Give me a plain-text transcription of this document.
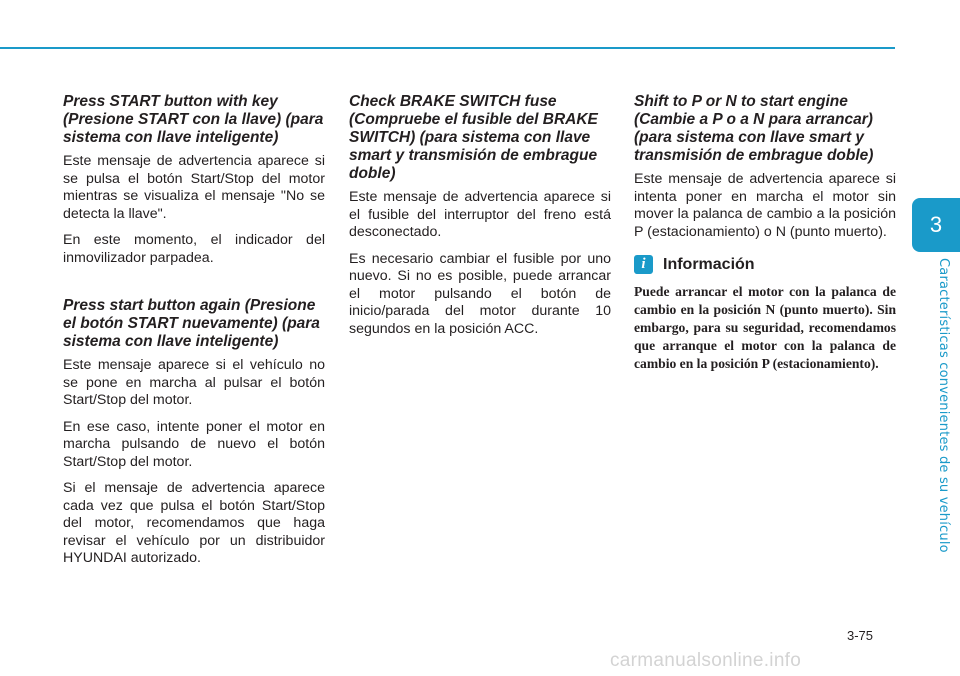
3
Características convenientes de su vehículo
Press START button with key (Presione START con la llave) (para sistema con llave inteligente)

Este mensaje de advertencia aparece si se pulsa el botón Start/Stop del motor mientras se visualiza el mensaje "No se detecta la llave".

En este momento, el indicador del inmovilizador parpadea.

Press start button again (Presione el botón START nuevamente) (para sistema con llave inteligente)

Este mensaje aparece si el vehículo no se pone en marcha al pulsar el botón Start/Stop del motor.

En ese caso, intente poner el motor en marcha pulsando de nuevo el botón Start/Stop del motor.

Si el mensaje de advertencia aparece cada vez que pulsa el botón Start/Stop del motor, recomendamos que haga revisar el vehículo por un distribuidor HYUNDAI autorizado.

Check BRAKE SWITCH fuse (Compruebe el fusible del BRAKE SWITCH) (para sistema con llave smart y transmisión de embrague doble)

Este mensaje de advertencia aparece si el fusible del interruptor del freno está desconectado.

Es necesario cambiar el fusible por uno nuevo. Si no es posible, puede arrancar el motor pulsando el botón de inicio/parada del motor durante 10 segundos en la posición ACC.

Shift to P or N to start engine (Cambie a P o a N para arrancar) (para sistema con llave smart y transmisión de embrague doble)

Este mensaje de advertencia aparece si intenta poner en marcha el motor sin mover la palanca de cambio a la posición P (estacionamiento) o N (punto muerto).

i	Información

Puede arrancar el motor con la palanca de cambio en la posición N (punto muerto). Sin embargo, para su seguridad, recomendamos que arranque el motor con la palanca de cambio en la posición P (estacionamiento).

3-75
carmanualsonline.info
